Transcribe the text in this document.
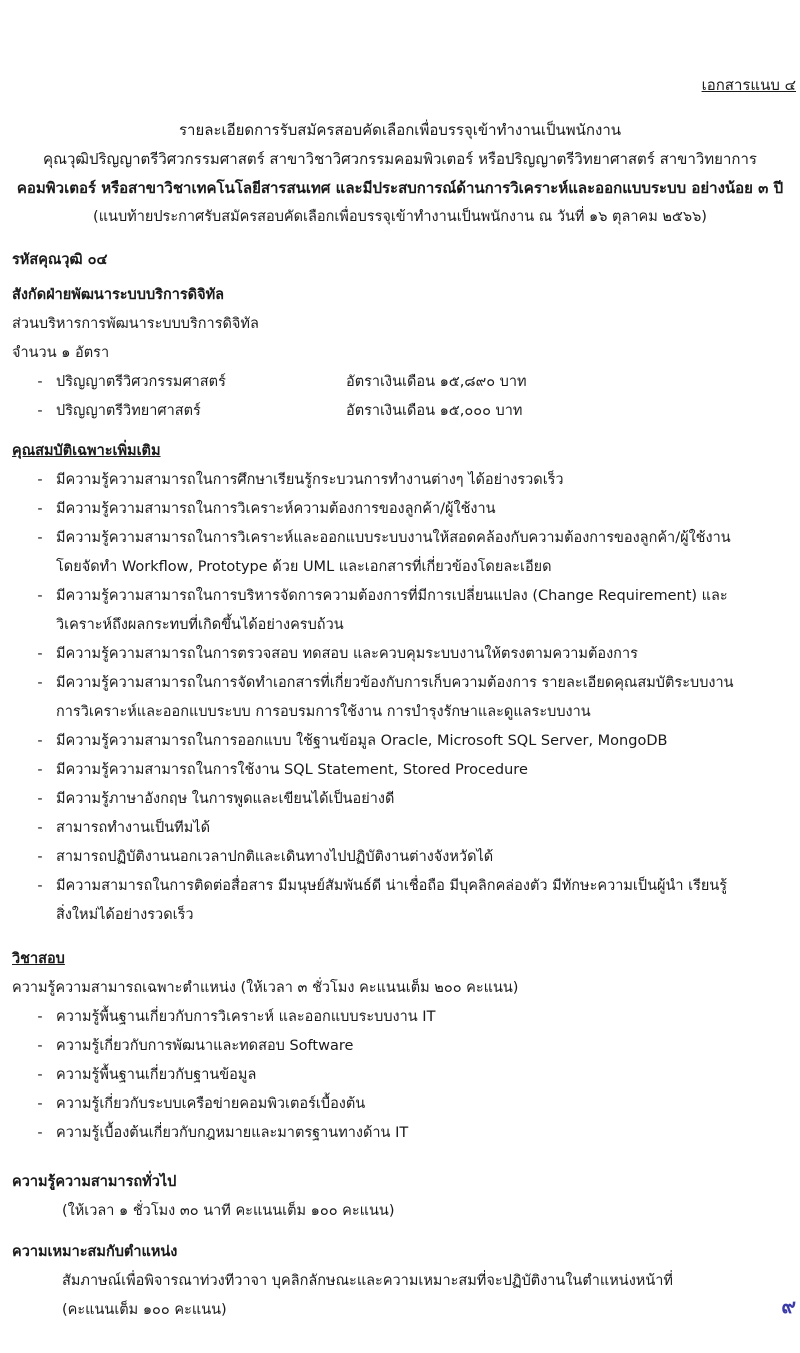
เอกสารแนบ ๔
รายละเอียดการรับสมัครสอบคัดเลือกเพื่อบรรจุเข้าทำงานเป็นพนักงาน
คุณวุฒิปริญญาตรีวิศวกรรมศาสตร์ สาขาวิชาวิศวกรรมคอมพิวเตอร์ หรือปริญญาตรีวิทยาศาสตร์ สาขาวิทยาการ
คอมพิวเตอร์ หรือสาขาวิชาเทคโนโลยีสารสนเทศ และมีประสบการณ์ด้านการวิเคราะห์และออกแบบระบบ อย่างน้อย ๓ ปี
(แนบท้ายประกาศรับสมัครสอบคัดเลือกเพื่อบรรจุเข้าทำงานเป็นพนักงาน ณ วันที่ ๑๖ ตุลาคม ๒๕๖๖)
รหัสคุณวุฒิ ๐๔
สังกัดฝ่ายพัฒนาระบบบริการดิจิทัล
ส่วนบริหารการพัฒนาระบบบริการดิจิทัล
จำนวน ๑ อัตรา
- ปริญญาตรีวิศวกรรมศาสตร์	อัตราเงินเดือน ๑๕,๘๙๐ บาท
- ปริญญาตรีวิทยาศาสตร์	อัตราเงินเดือน ๑๕,๐๐๐ บาท
คุณสมบัติเฉพาะเพิ่มเติม
- มีความรู้ความสามารถในการศึกษาเรียนรู้กระบวนการทำงานต่างๆ ได้อย่างรวดเร็ว
- มีความรู้ความสามารถในการวิเคราะห์ความต้องการของลูกค้า/ผู้ใช้งาน
- มีความรู้ความสามารถในการวิเคราะห์และออกแบบระบบงานให้สอดคล้องกับความต้องการของลูกค้า/ผู้ใช้งาน
โดยจัดทำ Workflow, Prototype ด้วย UML และเอกสารที่เกี่ยวข้องโดยละเอียด
- มีความรู้ความสามารถในการบริหารจัดการความต้องการที่มีการเปลี่ยนแปลง (Change Requirement) และ
วิเคราะห์ถึงผลกระทบที่เกิดขึ้นได้อย่างครบถ้วน
- มีความรู้ความสามารถในการตรวจสอบ ทดสอบ และควบคุมระบบงานให้ตรงตามความต้องการ
- มีความรู้ความสามารถในการจัดทำเอกสารที่เกี่ยวข้องกับการเก็บความต้องการ รายละเอียดคุณสมบัติระบบงาน
การวิเคราะห์และออกแบบระบบ การอบรมการใช้งาน การบำรุงรักษาและดูแลระบบงาน
- มีความรู้ความสามารถในการออกแบบ ใช้ฐานข้อมูล Oracle, Microsoft SQL Server, MongoDB
- มีความรู้ความสามารถในการใช้งาน SQL Statement, Stored Procedure
- มีความรู้ภาษาอังกฤษ ในการพูดและเขียนได้เป็นอย่างดี
- สามารถทำงานเป็นทีมได้
- สามารถปฏิบัติงานนอกเวลาปกติและเดินทางไปปฏิบัติงานต่างจังหวัดได้
- มีความสามารถในการติดต่อสื่อสาร มีมนุษย์สัมพันธ์ดี น่าเชื่อถือ มีบุคลิกคล่องตัว มีทักษะความเป็นผู้นำ เรียนรู้
สิ่งใหม่ได้อย่างรวดเร็ว
วิชาสอบ
ความรู้ความสามารถเฉพาะตำแหน่ง (ให้เวลา ๓ ชั่วโมง คะแนนเต็ม ๒๐๐ คะแนน)
- ความรู้พื้นฐานเกี่ยวกับการวิเคราะห์ และออกแบบระบบงาน IT
- ความรู้เกี่ยวกับการพัฒนาและทดสอบ Software
- ความรู้พื้นฐานเกี่ยวกับฐานข้อมูล
- ความรู้เกี่ยวกับระบบเครือข่ายคอมพิวเตอร์เบื้องต้น
- ความรู้เบื้องต้นเกี่ยวกับกฎหมายและมาตรฐานทางด้าน IT
ความรู้ความสามารถทั่วไป
(ให้เวลา ๑ ชั่วโมง ๓๐ นาที คะแนนเต็ม ๑๐๐ คะแนน)
ความเหมาะสมกับตำแหน่ง
สัมภาษณ์เพื่อพิจารณาท่วงทีวาจา บุคลิกลักษณะและความเหมาะสมที่จะปฏิบัติงานในตำแหน่งหน้าที่
(คะแนนเต็ม ๑๐๐ คะแนน)	๙
